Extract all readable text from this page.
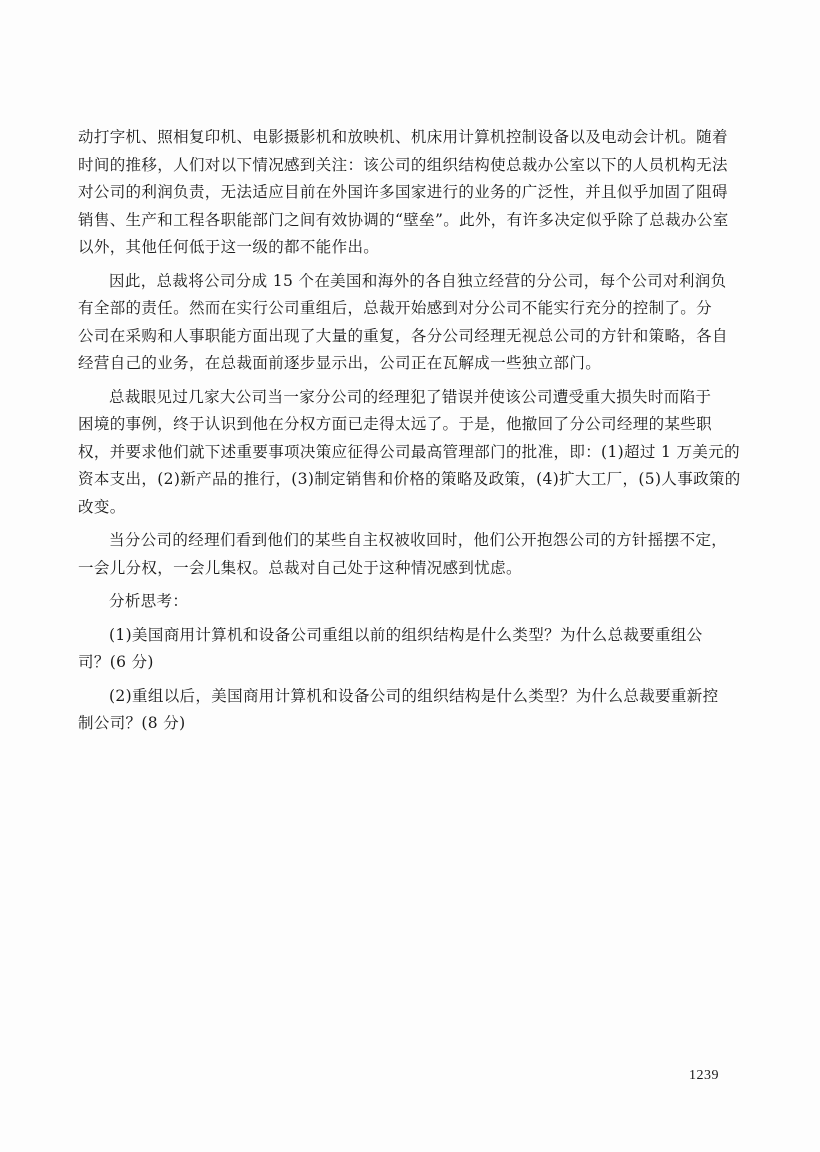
动打字机、照相复印机、电影摄影机和放映机、机床用计算机控制设备以及电动会计机。随着
时间的推移，人们对以下情况感到关注：该公司的组织结构使总裁办公室以下的人员机构无法
对公司的利润负责，无法适应目前在外国许多国家进行的业务的广泛性，并且似乎加固了阻碍
销售、生产和工程各职能部门之间有效协调的“壁垒”。此外，有许多决定似乎除了总裁办公室
以外，其他任何低于这一级的都不能作出。
因此，总裁将公司分成 15 个在美国和海外的各自独立经营的分公司，每个公司对利润负
有全部的责任。然而在实行公司重组后，总裁开始感到对分公司不能实行充分的控制了。分
公司在采购和人事职能方面出现了大量的重复，各分公司经理无视总公司的方针和策略，各自
经营自己的业务，在总裁面前逐步显示出，公司正在瓦解成一些独立部门。
总裁眼见过几家大公司当一家分公司的经理犯了错误并使该公司遭受重大损失时而陷于
困境的事例，终于认识到他在分权方面已走得太远了。于是，他撤回了分公司经理的某些职
权，并要求他们就下述重要事项决策应征得公司最高管理部门的批准，即：(1)超过 1 万美元的
资本支出，(2)新产品的推行，(3)制定销售和价格的策略及政策，(4)扩大工厂，(5)人事政策的
改变。
当分公司的经理们看到他们的某些自主权被收回时，他们公开抱怨公司的方针摇摆不定，
一会儿分权，一会儿集权。总裁对自己处于这种情况感到忧虑。
分析思考：
(1)美国商用计算机和设备公司重组以前的组织结构是什么类型？为什么总裁要重组公
司？(6 分)
(2)重组以后，美国商用计算机和设备公司的组织结构是什么类型？为什么总裁要重新控
制公司？(8 分)
1239
